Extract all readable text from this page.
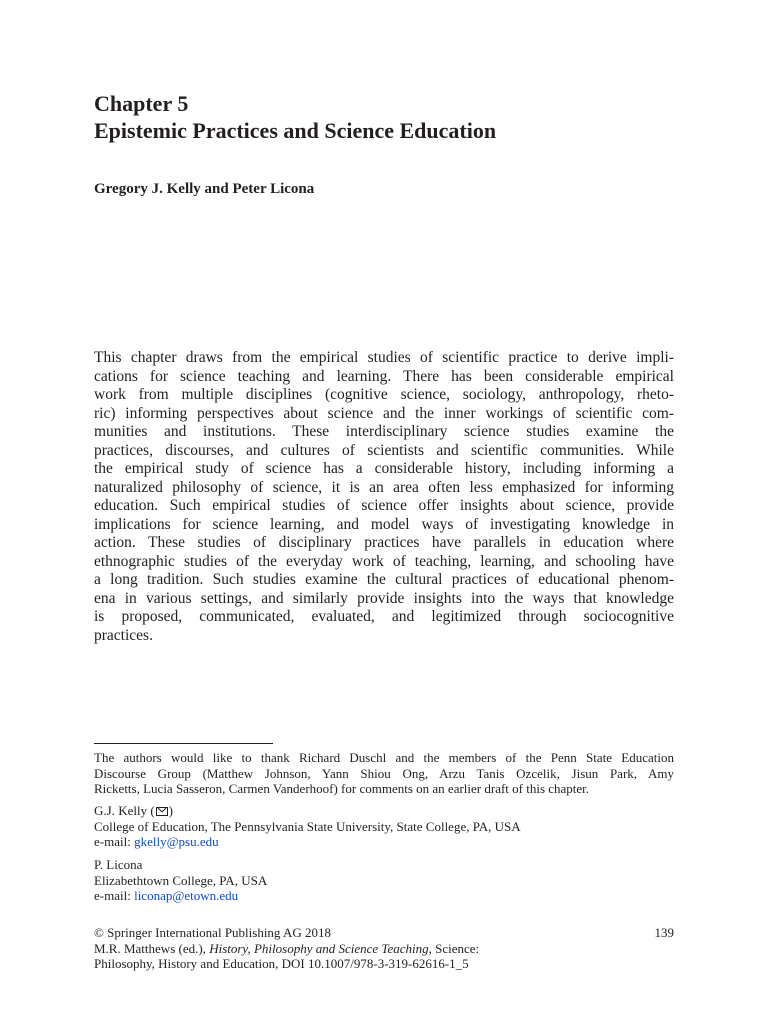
Chapter 5
Epistemic Practices and Science Education
Gregory J. Kelly and Peter Licona
This chapter draws from the empirical studies of scientific practice to derive impli-
cations for science teaching and learning. There has been considerable empirical
work from multiple disciplines (cognitive science, sociology, anthropology, rheto-
ric) informing perspectives about science and the inner workings of scientific com-
munities and institutions. These interdisciplinary science studies examine the
practices, discourses, and cultures of scientists and scientific communities. While
the empirical study of science has a considerable history, including informing a
naturalized philosophy of science, it is an area often less emphasized for informing
education. Such empirical studies of science offer insights about science, provide
implications for science learning, and model ways of investigating knowledge in
action. These studies of disciplinary practices have parallels in education where
ethnographic studies of the everyday work of teaching, learning, and schooling have
a long tradition. Such studies examine the cultural practices of educational phenom-
ena in various settings, and similarly provide insights into the ways that knowledge
is proposed, communicated, evaluated, and legitimized through sociocognitive
practices.
The authors would like to thank Richard Duschl and the members of the Penn State Education
Discourse Group (Matthew Johnson, Yann Shiou Ong, Arzu Tanis Ozcelik, Jisun Park, Amy
Ricketts, Lucia Sasseron, Carmen Vanderhoof) for comments on an earlier draft of this chapter.
G.J. Kelly ( )
College of Education, The Pennsylvania State University, State College, PA, USA
e-mail: gkelly@psu.edu
P. Licona
Elizabethtown College, PA, USA
e-mail: liconap@etown.edu
139
© Springer International Publishing AG 2018
M.R. Matthews (ed.), History, Philosophy and Science Teaching, Science:
Philosophy, History and Education, DOI 10.1007/978-3-319-62616-1_5
